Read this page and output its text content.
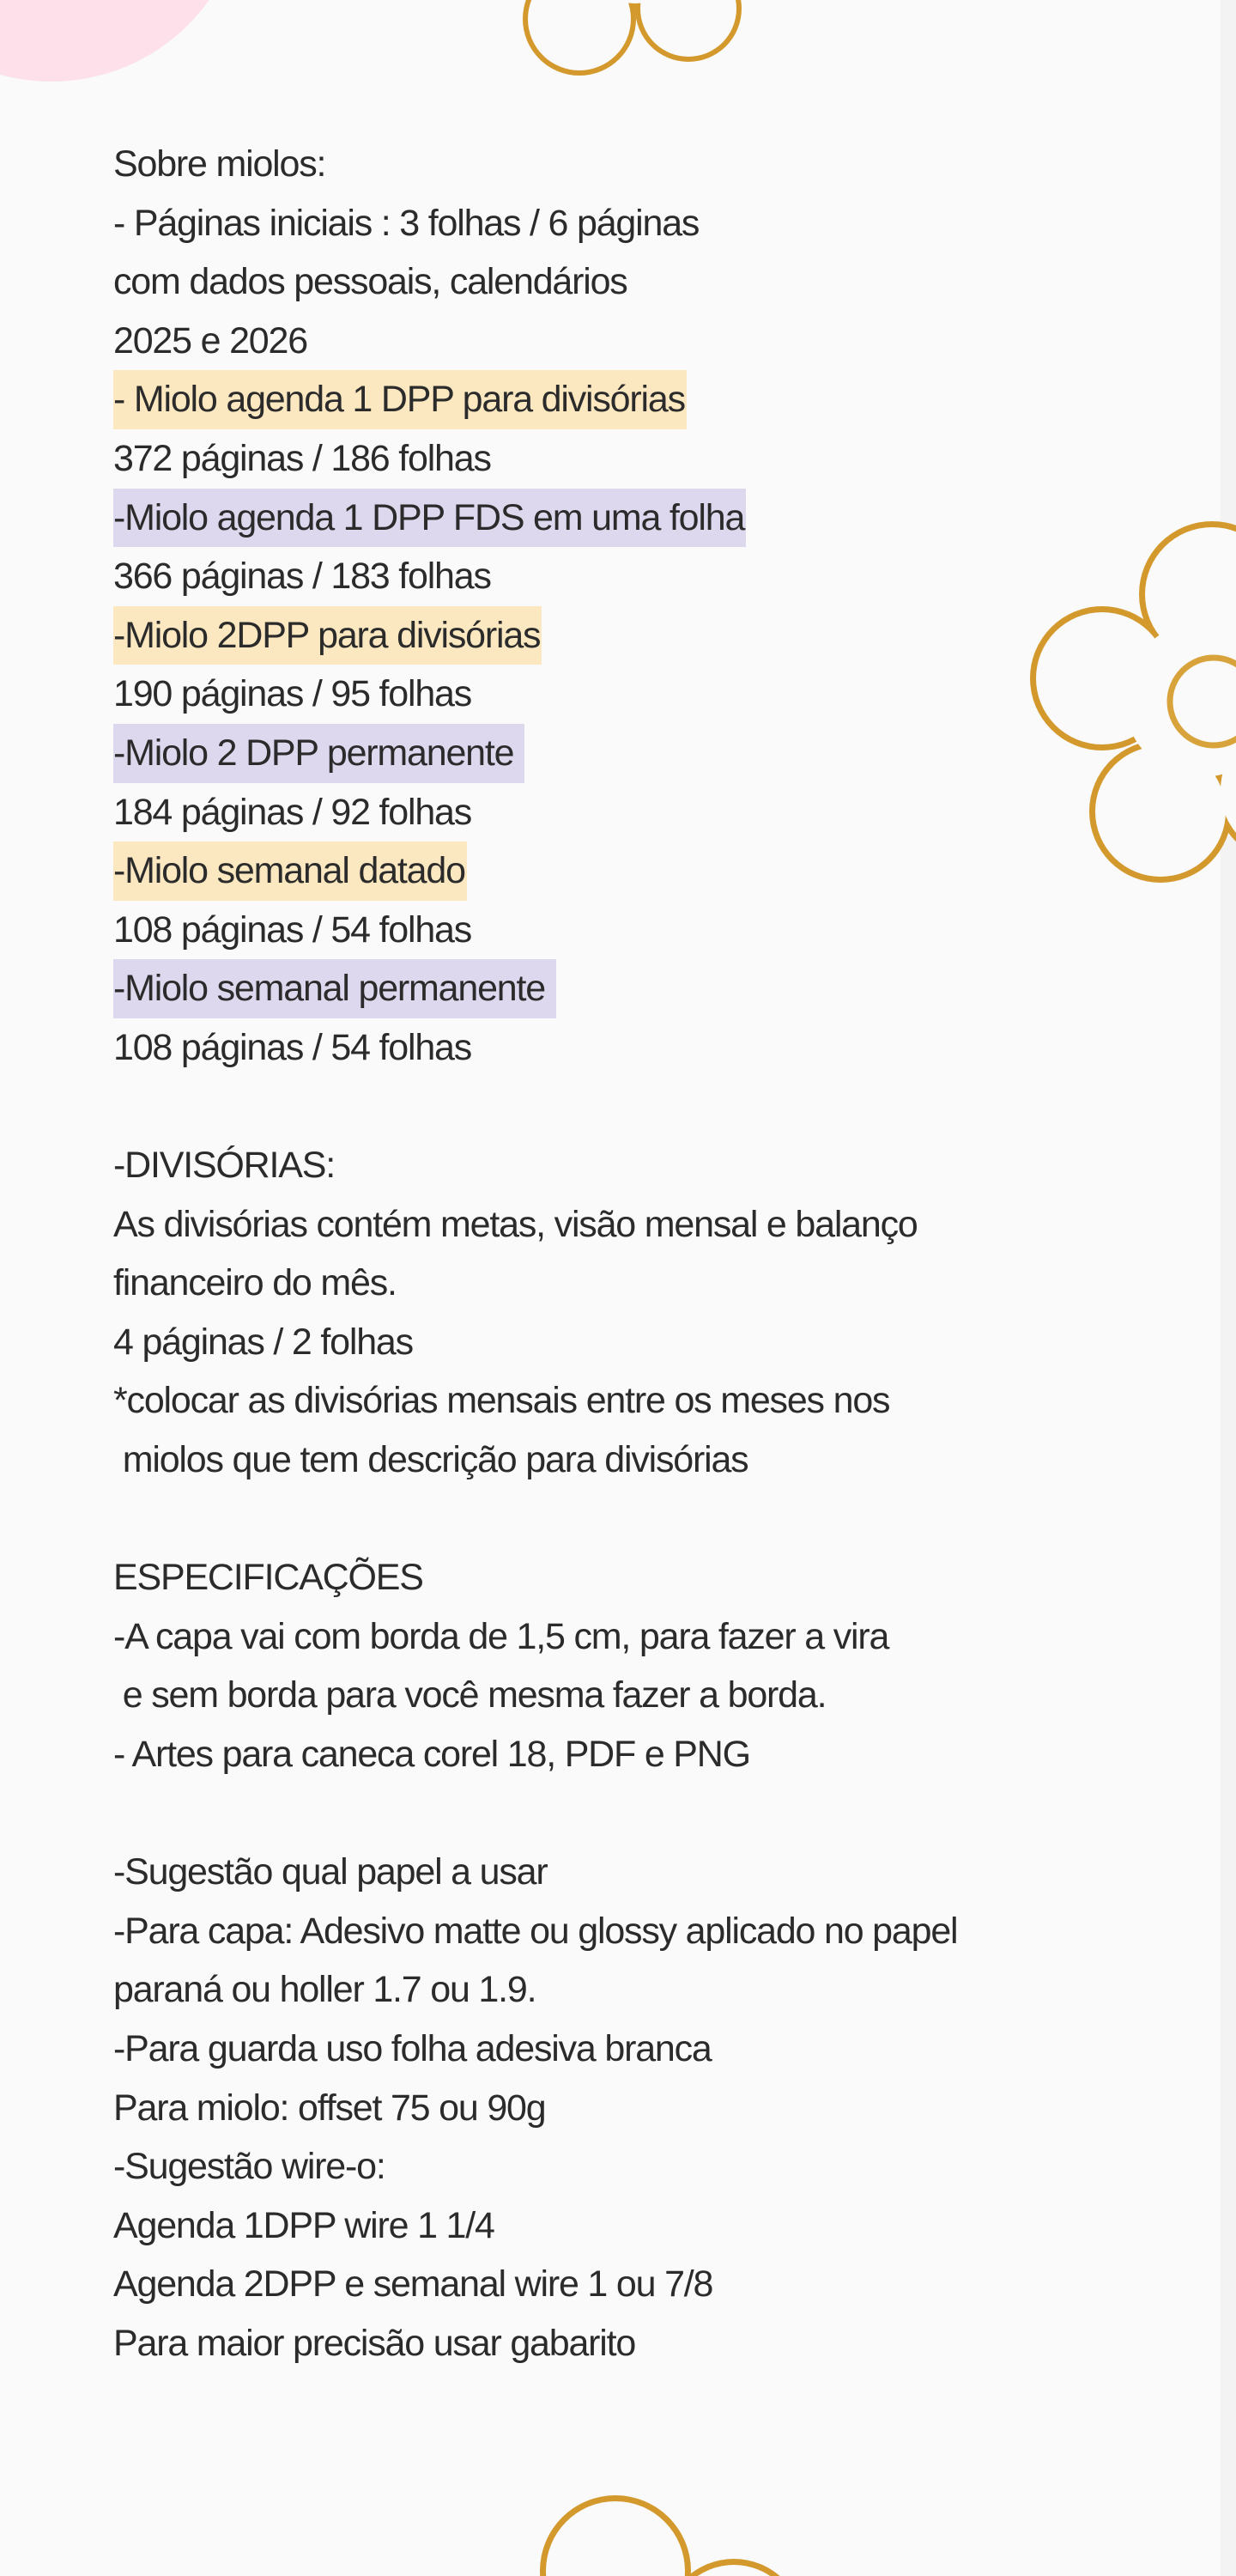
Sobre miolos:
- Páginas iniciais : 3 folhas / 6 páginas
com dados pessoais, calendários
2025 e 2026
- Miolo agenda 1 DPP para divisórias
372 páginas / 186 folhas
-Miolo agenda 1 DPP FDS em uma folha
366 páginas / 183 folhas
-Miolo 2DPP para divisórias
190 páginas / 95 folhas
-Miolo 2 DPP permanente
184 páginas / 92 folhas
-Miolo semanal datado
108 páginas / 54 folhas
-Miolo semanal permanente
108 páginas / 54 folhas
-DIVISÓRIAS:
As divisórias contém metas, visão mensal e balanço
financeiro do mês.
4 páginas / 2 folhas
*colocar as divisórias mensais entre os meses nos
miolos que tem descrição para divisórias
ESPECIFICAÇÕES
-A capa vai com borda de 1,5 cm, para fazer a vira
e sem borda para você mesma fazer a borda.
- Artes para caneca corel 18, PDF e PNG
-Sugestão qual papel a usar
-Para capa: Adesivo matte ou glossy aplicado no papel
paraná ou holler 1.7 ou 1.9.
-Para guarda uso folha adesiva branca
Para miolo: offset 75 ou 90g
-Sugestão wire-o:
Agenda 1DPP wire 1 1/4
Agenda 2DPP e semanal wire 1 ou 7/8
Para maior precisão usar gabarito
